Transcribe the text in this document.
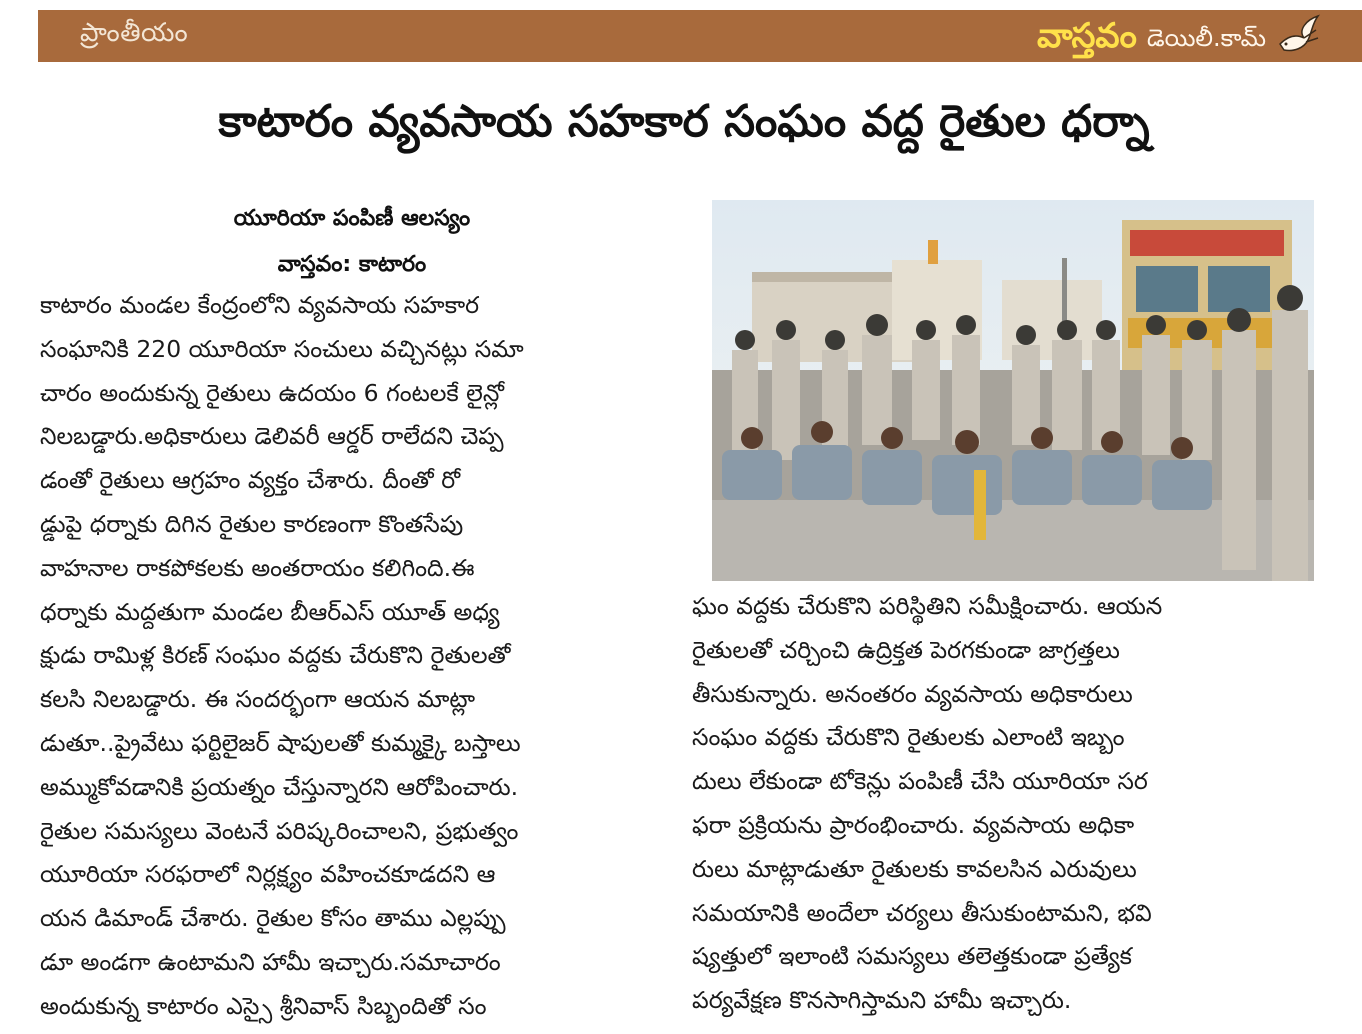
ప్రాంతీయం	వాస్తవం డెయిలీ.కామ్
కాటారం వ్యవసాయ సహకార సంఘం వద్ద రైతుల ధర్నా
యూరియా పంపిణీ ఆలస్యం
వాస్తవం: కాటారం
కాటారం మండల కేంద్రంలోని వ్యవసాయ సహకార
సంఘానికి 220 యూరియా సంచులు వచ్చినట్లు సమా
చారం అందుకున్న రైతులు ఉదయం 6 గంటలకే లైన్లో
నిలబడ్డారు.అధికారులు డెలివరీ ఆర్డర్ రాలేదని చెప్ప
డంతో రైతులు ఆగ్రహం వ్యక్తం చేశారు. దీంతో రో
డ్డుపై ధర్నాకు దిగిన రైతుల కారణంగా కొంతసేపు
వాహనాల రాకపోకలకు అంతరాయం కలిగింది.ఈ
ధర్నాకు మద్దతుగా మండల బీఆర్ఎస్ యూత్ అధ్య
క్షుడు రామిళ్ల కిరణ్ సంఘం వద్దకు చేరుకొని రైతులతో
కలసి నిలబడ్డారు. ఈ సందర్భంగా ఆయన మాట్లా
డుతూ..ప్రైవేటు ఫర్టిలైజర్ షాపులతో కుమ్మక్కై బస్తాలు
అమ్ముకోవడానికి ప్రయత్నం చేస్తున్నారని ఆరోపించారు.
రైతుల సమస్యలు వెంటనే పరిష్కరించాలని, ప్రభుత్వం
యూరియా సరఫరాలో నిర్లక్ష్యం వహించకూడదని ఆ
యన డిమాండ్ చేశారు. రైతుల కోసం తాము ఎల్లప్పు
డూ అండగా ఉంటామని హామీ ఇచ్చారు.సమాచారం
అందుకున్న కాటారం ఎస్సై శ్రీనివాస్ సిబ్బందితో సం
ఘం వద్దకు చేరుకొని పరిస్థితిని సమీక్షించారు. ఆయన
రైతులతో చర్చించి ఉద్రిక్తత పెరగకుండా జాగ్రత్తలు
తీసుకున్నారు. అనంతరం వ్యవసాయ అధికారులు
సంఘం వద్దకు చేరుకొని రైతులకు ఎలాంటి ఇబ్బం
దులు లేకుండా టోకెన్లు పంపిణీ చేసి యూరియా సర
ఫరా ప్రక్రియను ప్రారంభించారు. వ్యవసాయ అధికా
రులు మాట్లాడుతూ రైతులకు కావలసిన ఎరువులు
సమయానికి అందేలా చర్యలు తీసుకుంటామని, భవి
ష్యత్తులో ఇలాంటి సమస్యలు తలెత్తకుండా ప్రత్యేక
పర్యవేక్షణ కొనసాగిస్తామని హామీ ఇచ్చారు.
